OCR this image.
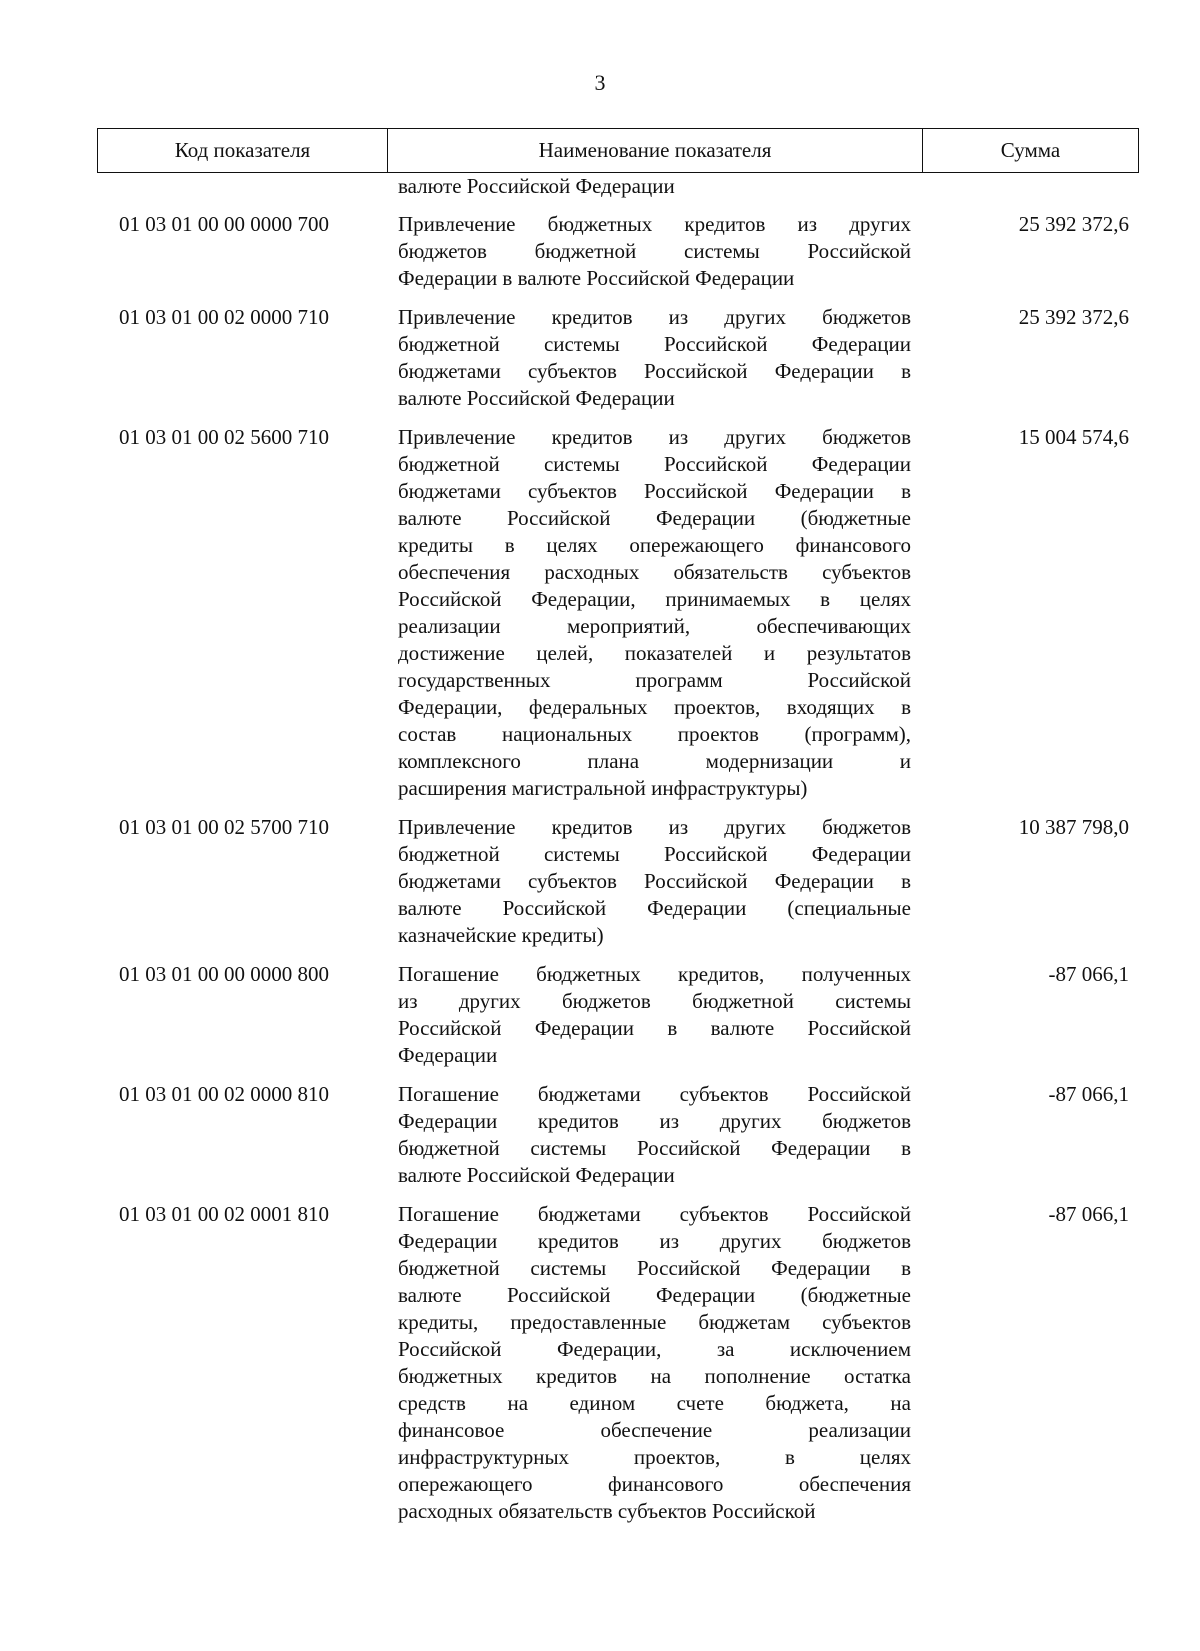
3
Код показателя	Наименование показателя	Сумма
валюте Российской Федерации
01 03 01 00 00 0000 700	Привлечение бюджетных кредитов из других
бюджетов бюджетной системы Российской
Федерации в валюте Российской Федерации
25 392 372,6
01 03 01 00 02 0000 710	Привлечение кредитов из других бюджетов
бюджетной системы Российской Федерации
бюджетами субъектов Российской Федерации в
валюте Российской Федерации
25 392 372,6
01 03 01 00 02 5600 710	Привлечение кредитов из других бюджетов
бюджетной системы Российской Федерации
бюджетами субъектов Российской Федерации в
валюте Российской Федерации (бюджетные
кредиты в целях опережающего финансового
обеспечения расходных обязательств субъектов
Российской Федерации, принимаемых в целях
реализации мероприятий, обеспечивающих
достижение целей, показателей и результатов
государственных программ Российской
Федерации, федеральных проектов, входящих в
состав национальных проектов (программ),
комплексного плана модернизации и
расширения магистральной инфраструктуры)
15 004 574,6
01 03 01 00 02 5700 710	Привлечение кредитов из других бюджетов
бюджетной системы Российской Федерации
бюджетами субъектов Российской Федерации в
валюте Российской Федерации (специальные
казначейские кредиты)
10 387 798,0
01 03 01 00 00 0000 800	Погашение бюджетных кредитов, полученных
из других бюджетов бюджетной системы
Российской Федерации в валюте Российской
Федерации
-87 066,1
01 03 01 00 02 0000 810	Погашение бюджетами субъектов Российской
Федерации кредитов из других бюджетов
бюджетной системы Российской Федерации в
валюте Российской Федерации
-87 066,1
01 03 01 00 02 0001 810	Погашение бюджетами субъектов Российской
Федерации кредитов из других бюджетов
бюджетной системы Российской Федерации в
валюте Российской Федерации (бюджетные
кредиты, предоставленные бюджетам субъектов
Российской Федерации, за исключением
бюджетных кредитов на пополнение остатка
средств на едином счете бюджета, на
финансовое обеспечение реализации
инфраструктурных проектов, в целях
опережающего финансового обеспечения
расходных обязательств субъектов Российской
-87 066,1
